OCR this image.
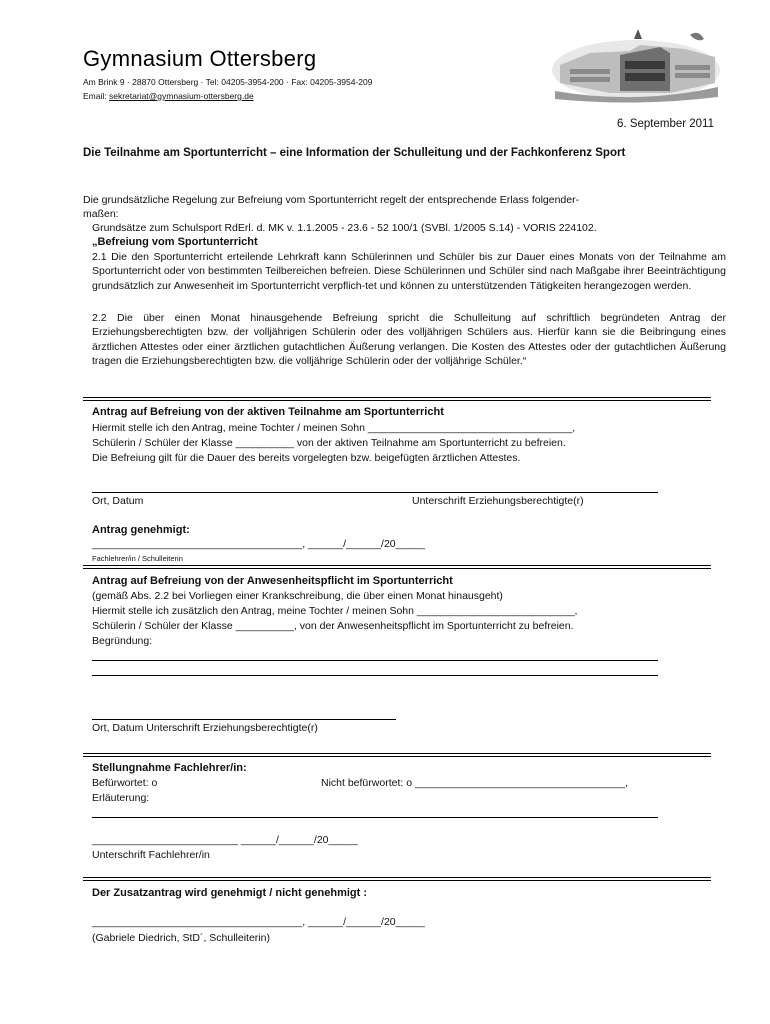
Gymnasium Ottersberg
Am Brink 9 · 28870 Ottersberg · Tel: 04205-3954-200 · Fax: 04205-3954-209
Email: sekretariat@gymnasium-ottersberg.de
6. September 2011
Die Teilnahme am Sportunterricht – eine Information der Schulleitung und der Fachkonferenz Sport
Die grundsätzliche Regelung zur Befreiung vom Sportunterricht regelt der entsprechende Erlass folgender-
maßen:
Grundsätze zum Schulsport RdErl. d. MK v. 1.1.2005 - 23.6 - 52 100/1 (SVBl. 1/2005 S.14) - VORIS 224102.
„Befreiung vom Sportunterricht
2.1 Die den Sportunterricht erteilende Lehrkraft kann Schülerinnen und Schüler bis zur Dauer eines Monats von der Teilnahme am Sportunterricht oder von bestimmten Teilbereichen befreien. Diese Schülerinnen und Schüler sind nach Maßgabe ihrer Beeinträchtigung grundsätzlich zur Anwesenheit im Sportunterricht verpflich-tet und können zu unterstützenden Tätigkeiten herangezogen werden.
2.2 Die über einen Monat hinausgehende Befreiung spricht die Schulleitung auf schriftlich begründeten Antrag der Erziehungsberechtigten bzw. der volljährigen Schülerin oder des volljährigen Schülers aus. Hierfür kann sie die Beibringung eines ärztlichen Attestes oder einer ärztlichen gutachtlichen Äußerung verlangen. Die Kosten des Attestes oder der gutachtlichen Äußerung tragen die Erziehungsberechtigten bzw. die volljährige Schülerin oder der volljährige Schüler.“
Antrag auf Befreiung von der aktiven Teilnahme am Sportunterricht
Hiermit stelle ich den Antrag, meine Tochter / meinen Sohn ___________________________________,
Schülerin / Schüler der Klasse __________ von der aktiven Teilnahme am Sportunterricht zu befreien.
Die Befreiung gilt für die Dauer des bereits vorgelegten bzw. beigefügten ärztlichen Attestes.
Ort, Datum	Unterschrift Erziehungsberechtigte(r)
Antrag genehmigt:
____________________________________, ______/______/20_____
Fachlehrer/in / Schulleiterin
Antrag auf Befreiung von der Anwesenheitspflicht im Sportunterricht
(gemäß Abs. 2.2 bei Vorliegen einer Krankschreibung, die über einen Monat hinausgeht)
Hiermit stelle ich zusätzlich den Antrag, meine Tochter / meinen Sohn ___________________________,
Schülerin / Schüler der Klasse __________, von der Anwesenheitspflicht im Sportunterricht zu befreien.
Begründung:
Ort, Datum Unterschrift Erziehungsberechtigte(r)
Stellungnahme Fachlehrer/in:
Befürwortet: o	Nicht befürwortet: o ____________________________________,
Erläuterung:
_________________________ ______/______/20_____
Unterschrift Fachlehrer/in
Der Zusatzantrag wird genehmigt / nicht genehmigt :
____________________________________, ______/______/20_____
(Gabriele Diedrich, StD´, Schulleiterin)
